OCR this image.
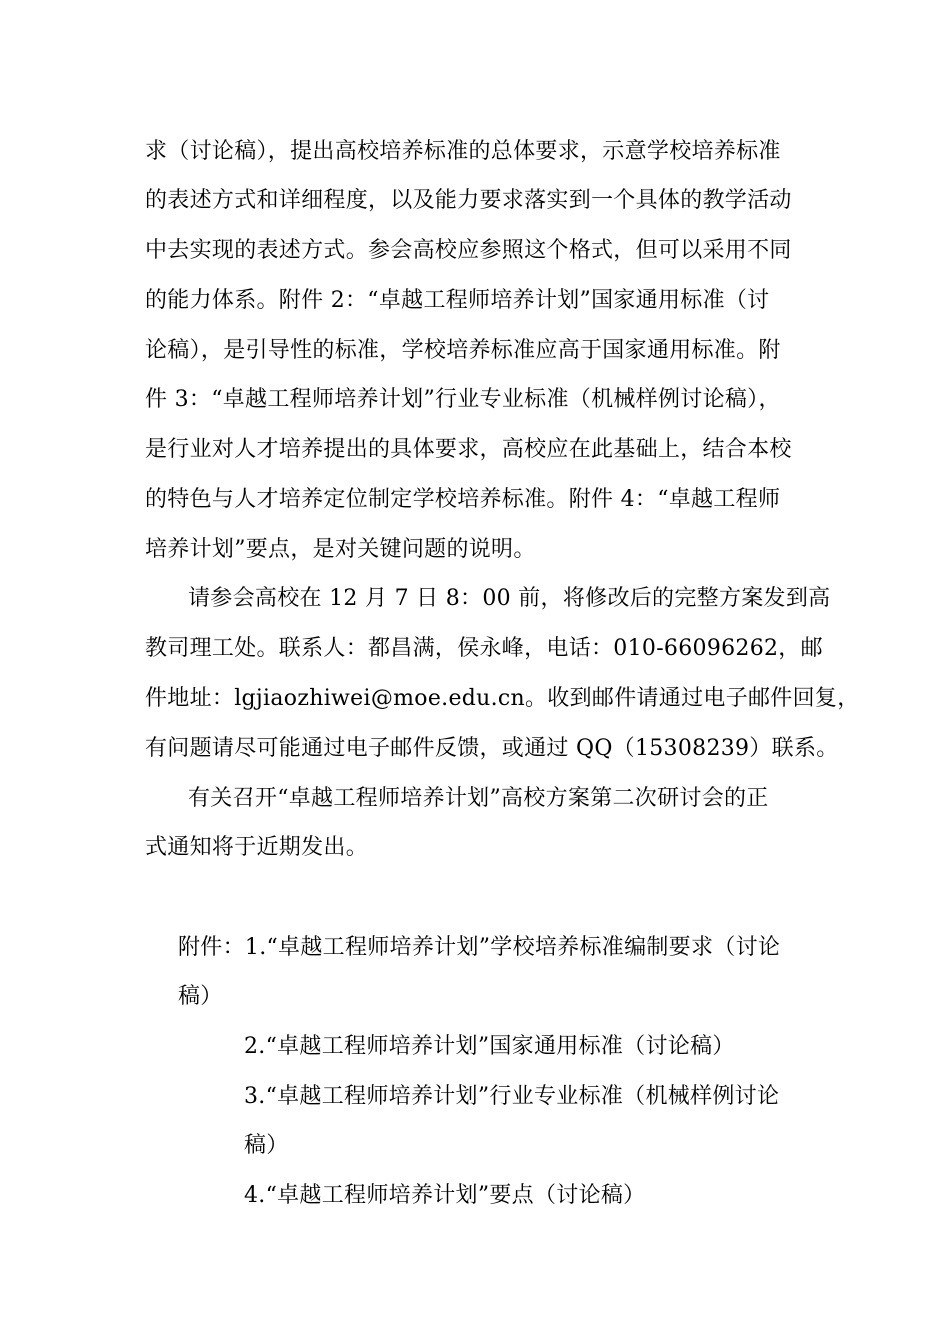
求（讨论稿），提出高校培养标准的总体要求，示意学校培养标准
的表述方式和详细程度，以及能力要求落实到一个具体的教学活动
中去实现的表述方式。参会高校应参照这个格式，但可以采用不同
的能力体系。附件 2：“卓越工程师培养计划”国家通用标准（讨
论稿），是引导性的标准，学校培养标准应高于国家通用标准。附
件 3：“卓越工程师培养计划”行业专业标准（机械样例讨论稿），
是行业对人才培养提出的具体要求，高校应在此基础上，结合本校
的特色与人才培养定位制定学校培养标准。附件 4：“卓越工程师
培养计划”要点，是对关键问题的说明。
请参会高校在 12 月 7 日 8：00 前，将修改后的完整方案发到高
教司理工处。联系人：都昌满，侯永峰，电话：010-66096262，邮
件地址：lgjiaozhiwei@moe.edu.cn。收到邮件请通过电子邮件回复，
有问题请尽可能通过电子邮件反馈，或通过 QQ（15308239）联系。
有关召开“卓越工程师培养计划”高校方案第二次研讨会的正
式通知将于近期发出。
附件：1.“卓越工程师培养计划”学校培养标准编制要求（讨论
稿）
2.“卓越工程师培养计划”国家通用标准（讨论稿）
3.“卓越工程师培养计划”行业专业标准（机械样例讨论
稿）
4.“卓越工程师培养计划”要点（讨论稿）
